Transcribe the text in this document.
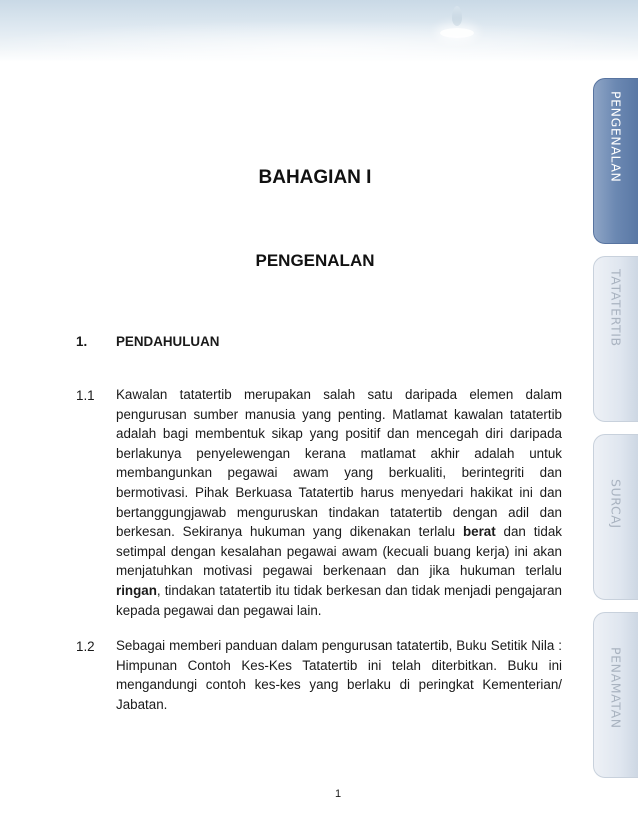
PENGENALAN
TATATERTIB
SURCAJ
PENAMATAN
BAHAGIAN I
PENGENALAN
1. PENDAHULUAN
1.1 Kawalan tatatertib merupakan salah satu daripada elemen dalam pengurusan sumber manusia yang penting. Matlamat kawalan tatatertib adalah bagi membentuk sikap yang positif dan mencegah diri daripada berlakunya penyelewengan kerana matlamat akhir adalah untuk membangunkan pegawai awam yang berkualiti, berintegriti dan bermotivasi. Pihak Berkuasa Tatatertib harus menyedari hakikat ini dan bertanggungjawab menguruskan tindakan tatatertib dengan adil dan berkesan. Sekiranya hukuman yang dikenakan terlalu berat dan tidak setimpal dengan kesalahan pegawai awam (kecuali buang kerja) ini akan menjatuhkan motivasi pegawai berkenaan dan jika hukuman terlalu ringan, tindakan tatatertib itu tidak berkesan dan tidak menjadi pengajaran kepada pegawai dan pegawai lain.
1.2 Sebagai memberi panduan dalam pengurusan tatatertib, Buku Setitik Nila : Himpunan Contoh Kes-Kes Tatatertib ini telah diterbitkan. Buku ini mengandungi contoh kes-kes yang berlaku di peringkat Kementerian/ Jabatan.
1
